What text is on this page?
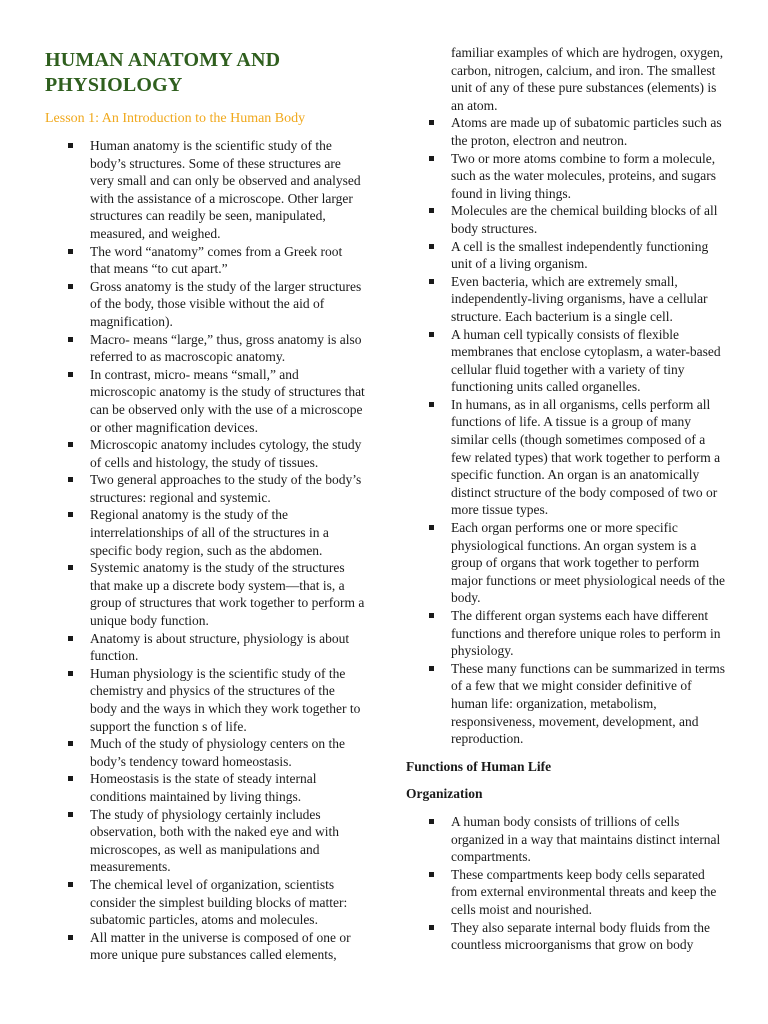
HUMAN ANATOMY AND PHYSIOLOGY
Lesson 1: An Introduction to the Human Body
Human anatomy is the scientific study of the body’s structures. Some of these structures are very small and can only be observed and analysed with the assistance of a microscope. Other larger structures can readily be seen, manipulated, measured, and weighed.
The word “anatomy” comes from a Greek root that means “to cut apart.”
Gross anatomy is the study of the larger structures of the body, those visible without the aid of magnification).
Macro- means “large,” thus, gross anatomy is also referred to as macroscopic anatomy.
In contrast, micro- means “small,” and microscopic anatomy is the study of structures that can be observed only with the use of a microscope or other magnification devices.
Microscopic anatomy includes cytology, the study of cells and histology, the study of tissues.
Two general approaches to the study of the body’s structures: regional and systemic.
Regional anatomy is the study of the interrelationships of all of the structures in a specific body region, such as the abdomen.
Systemic anatomy is the study of the structures that make up a discrete body system—that is, a group of structures that work together to perform a unique body function.
Anatomy is about structure, physiology is about function.
Human physiology is the scientific study of the chemistry and physics of the structures of the body and the ways in which they work together to support the function s of life.
Much of the study of physiology centers on the body’s tendency toward homeostasis.
Homeostasis is the state of steady internal conditions maintained by living things.
The study of physiology certainly includes observation, both with the naked eye and with microscopes, as well as manipulations and measurements.
The chemical level of organization, scientists consider the simplest building blocks of matter: subatomic particles, atoms and molecules.
All matter in the universe is composed of one or more unique pure substances called elements,

familiar examples of which are hydrogen, oxygen, carbon, nitrogen, calcium, and iron. The smallest unit of any of these pure substances (elements) is an atom.

Atoms are made up of subatomic particles such as the proton, electron and neutron.
Two or more atoms combine to form a molecule, such as the water molecules, proteins, and sugars found in living things.
Molecules are the chemical building blocks of all body structures.
A cell is the smallest independently functioning unit of a living organism.
Even bacteria, which are extremely small, independently-living organisms, have a cellular structure. Each bacterium is a single cell.
A human cell typically consists of flexible membranes that enclose cytoplasm, a water-based cellular fluid together with a variety of tiny functioning units called organelles.
In humans, as in all organisms, cells perform all functions of life. A tissue is a group of many similar cells (though sometimes composed of a few related types) that work together to perform a specific function. An organ is an anatomically distinct structure of the body composed of two or more tissue types.
Each organ performs one or more specific physiological functions. An organ system is a group of organs that work together to perform major functions or meet physiological needs of the body.
The different organ systems each have different functions and therefore unique roles to perform in physiology.
These many functions can be summarized in terms of a few that we might consider definitive of human life: organization, metabolism, responsiveness, movement, development, and reproduction.

Functions of Human Life

Organization

A human body consists of trillions of cells organized in a way that maintains distinct internal compartments.
These compartments keep body cells separated from external environmental threats and keep the cells moist and nourished.
They also separate internal body fluids from the countless microorganisms that grow on body
